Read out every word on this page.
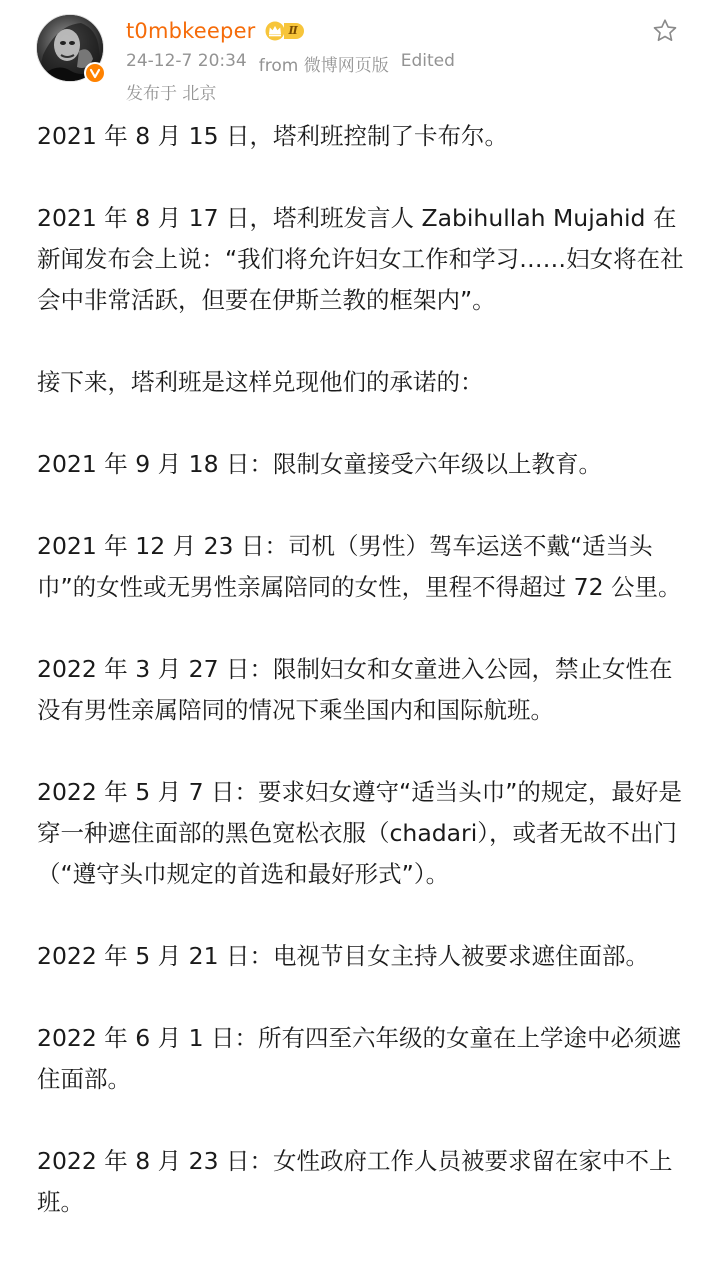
t0mbkeeper	Ⅱ
24-12-7 20:34 from 微博网页版 Edited
发布于 北京

2021 年 8 月 15 日，塔利班控制了卡布尔。

2021 年 8 月 17 日，塔利班发言人 Zabihullah Mujahid 在新闻发布会上说：“我们将允许妇女工作和学习……妇女将在社会中非常活跃，但要在伊斯兰教的框架内”。

接下来，塔利班是这样兑现他们的承诺的：

2021 年 9 月 18 日：限制女童接受六年级以上教育。

2021 年 12 月 23 日：司机（男性）驾车运送不戴“适当头巾”的女性或无男性亲属陪同的女性，里程不得超过 72 公里。

2022 年 3 月 27 日：限制妇女和女童进入公园，禁止女性在没有男性亲属陪同的情况下乘坐国内和国际航班。

2022 年 5 月 7 日：要求妇女遵守“适当头巾”的规定，最好是穿一种遮住面部的黑色宽松衣服（chadari），或者无故不出门（“遵守头巾规定的首选和最好形式”）。

2022 年 5 月 21 日：电视节目女主持人被要求遮住面部。

2022 年 6 月 1 日：所有四至六年级的女童在上学途中必须遮住面部。

2022 年 8 月 23 日：女性政府工作人员被要求留在家中不上班。
